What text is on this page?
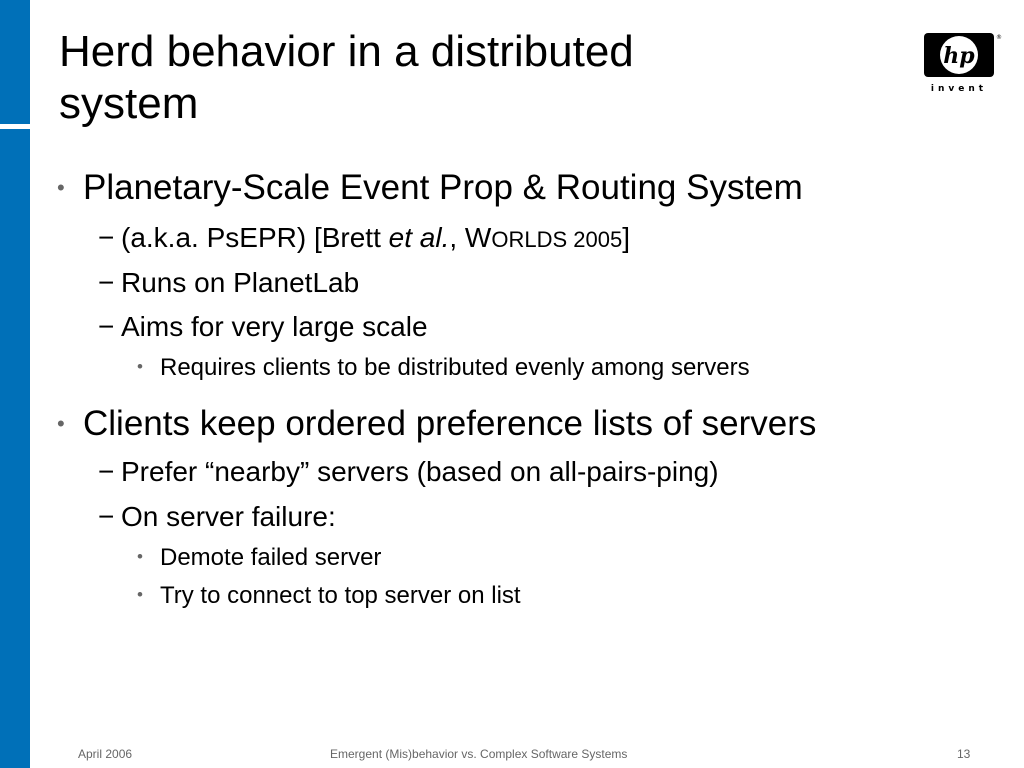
Herd behavior in a distributed
system
hp
®
invent
• Planetary-Scale Event Prop & Routing System
− (a.k.a. PsEPR) [Brett et al., WORLDS 2005]
− Runs on PlanetLab
− Aims for very large scale
• Requires clients to be distributed evenly among servers
• Clients keep ordered preference lists of servers
− Prefer “nearby” servers (based on all-pairs-ping)
− On server failure:
• Demote failed server
• Try to connect to top server on list
April 2006	Emergent (Mis)behavior vs. Complex Software Systems	13
